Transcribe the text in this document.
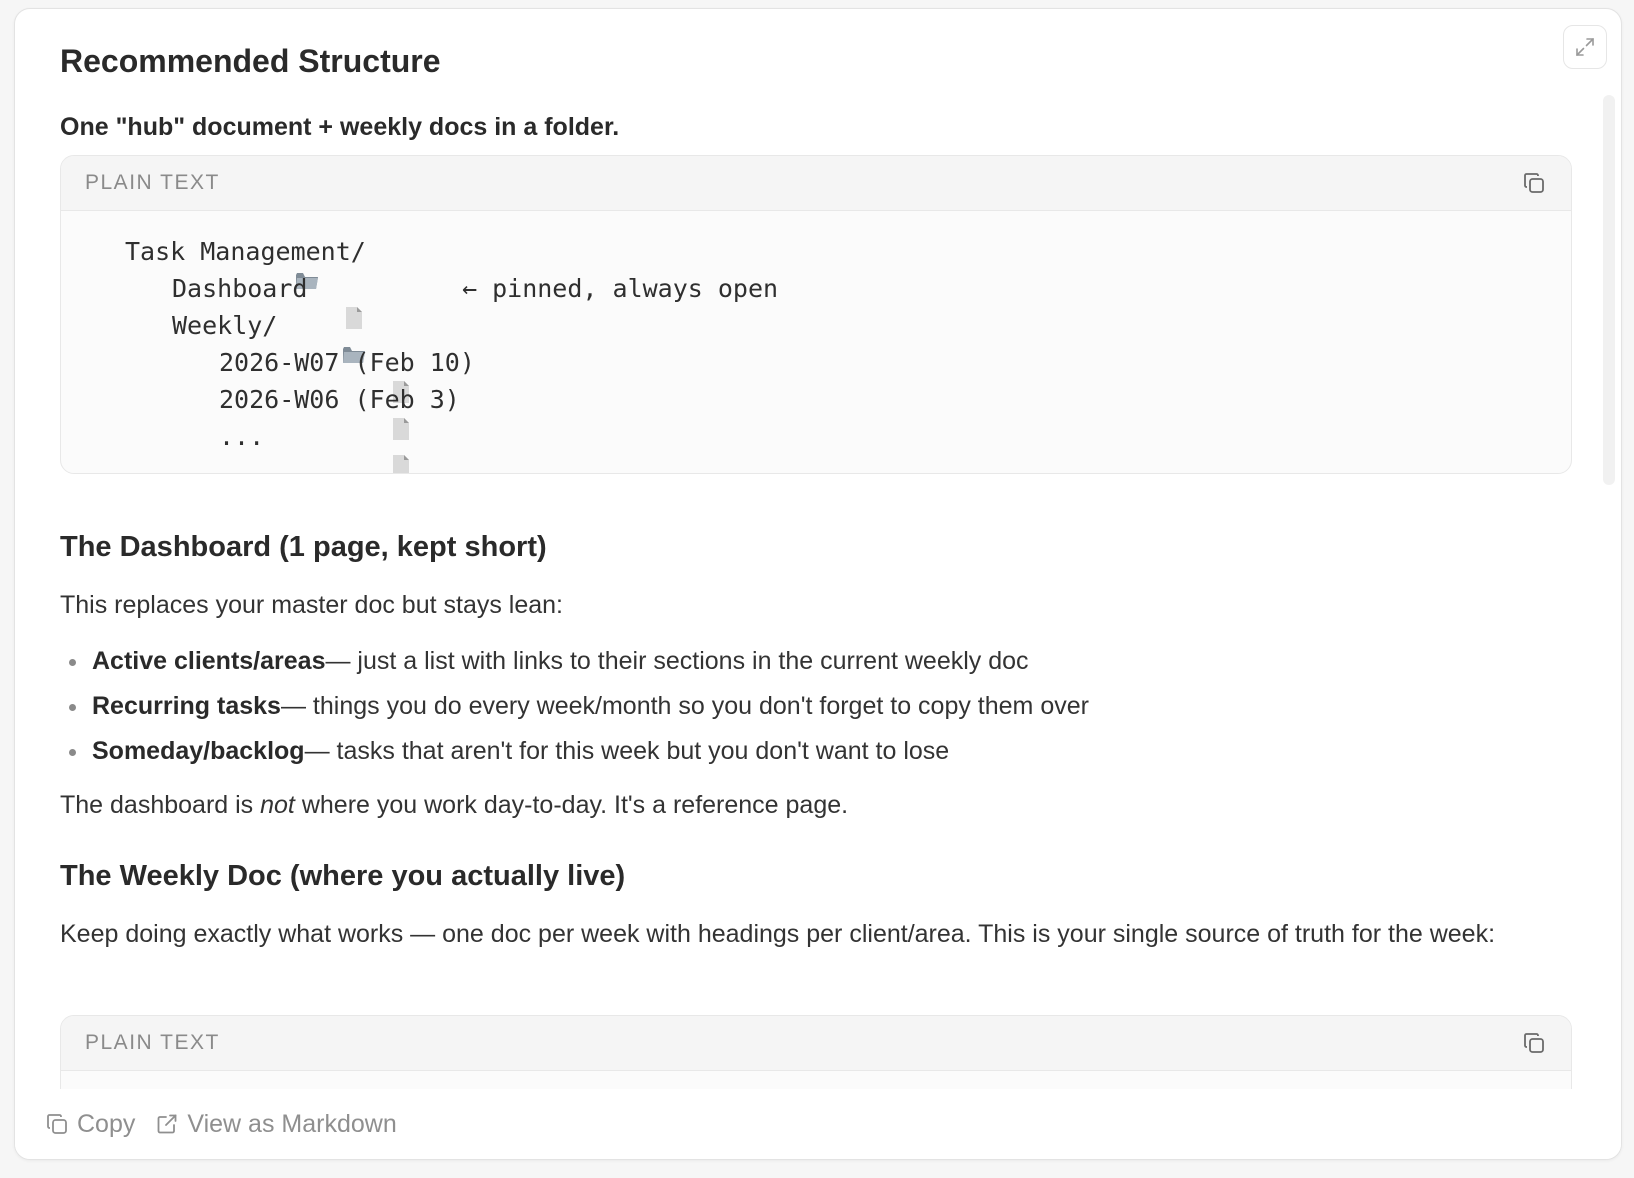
Recommended Structure
One "hub" document + weekly docs in a folder.
PLAIN TEXT

Task Management/

Dashboard	← pinned, always open

Weekly/

2026-W07 (Feb 10)

2026-W06 (Feb 3)

...
The Dashboard (1 page, kept short)

This replaces your master doc but stays lean:

Active clients/areas — just a list with links to their sections in the current weekly doc
Recurring tasks — things you do every week/month so you don't forget to copy them over
Someday/backlog — tasks that aren't for this week but you don't want to lose

The dashboard is not where you work day-to-day. It's a reference page.

The Weekly Doc (where you actually live)

Keep doing exactly what works — one doc per week with headings per client/area. This is your single source of truth for the week:

PLAIN TEXT
Copy View as Markdown
